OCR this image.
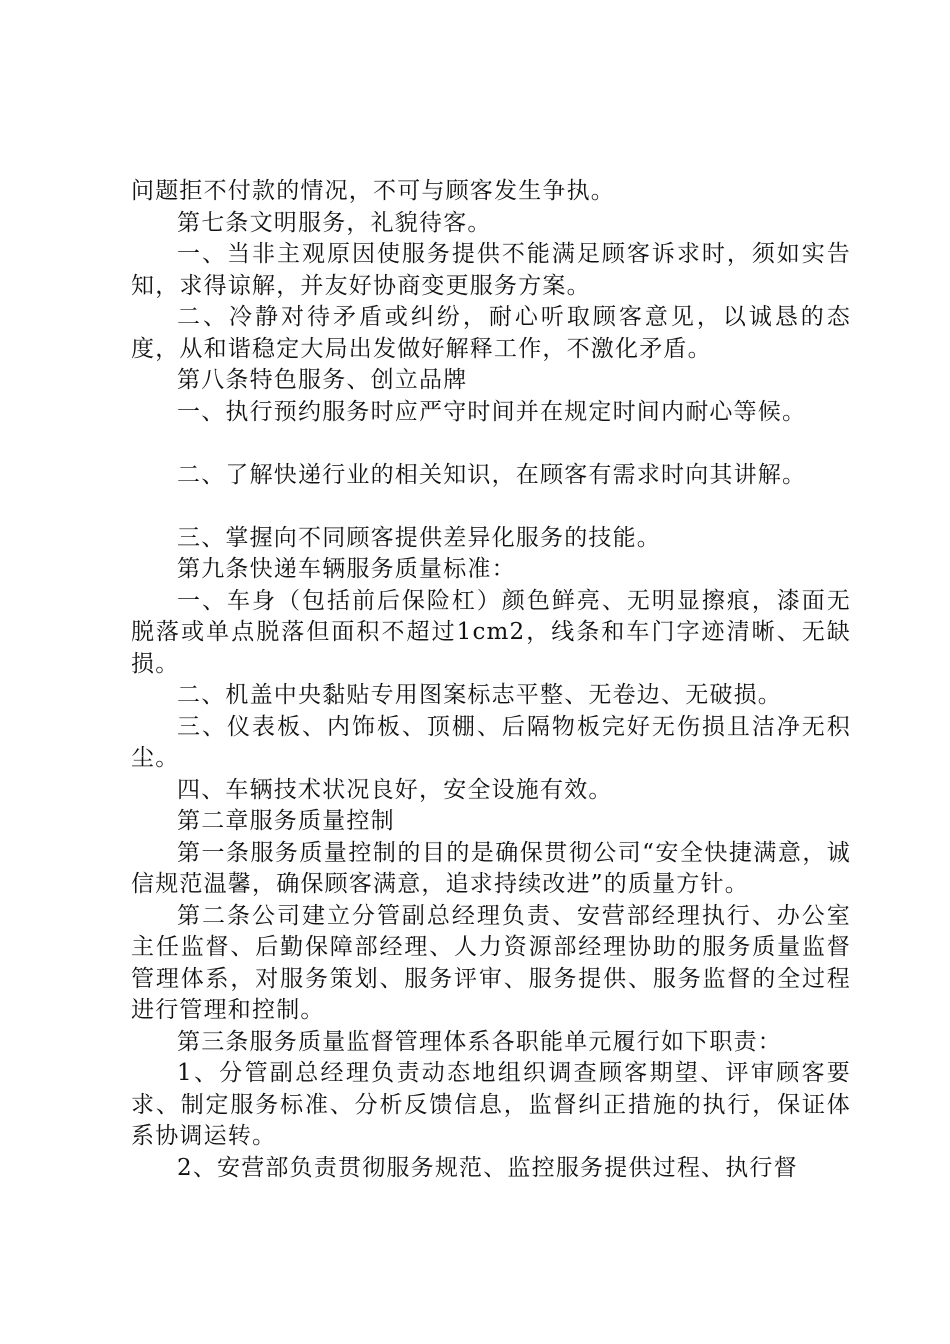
问题拒不付款的情况，不可与顾客发生争执。

第七条文明服务，礼貌待客。

一、当非主观原因使服务提供不能满足顾客诉求时，须如实告知，求得谅解，并友好协商变更服务方案。

二、冷静对待矛盾或纠纷，耐心听取顾客意见，以诚恳的态度，从和谐稳定大局出发做好解释工作，不激化矛盾。

第八条特色服务、创立品牌

一、执行预约服务时应严守时间并在规定时间内耐心等候。

二、了解快递行业的相关知识，在顾客有需求时向其讲解。

三、掌握向不同顾客提供差异化服务的技能。

第九条快递车辆服务质量标准：

一、车身（包括前后保险杠）颜色鲜亮、无明显擦痕，漆面无脱落或单点脱落但面积不超过1cm2，线条和车门字迹清晰、无缺损。

二、机盖中央黏贴专用图案标志平整、无卷边、无破损。

三、仪表板、内饰板、顶棚、后隔物板完好无伤损且洁净无积尘。

四、车辆技术状况良好，安全设施有效。

第二章服务质量控制

第一条服务质量控制的目的是确保贯彻公司“安全快捷满意，诚信规范温馨，确保顾客满意，追求持续改进”的质量方针。

第二条公司建立分管副总经理负责、安营部经理执行、办公室主任监督、后勤保障部经理、人力资源部经理协助的服务质量监督管理体系，对服务策划、服务评审、服务提供、服务监督的全过程进行管理和控制。

第三条服务质量监督管理体系各职能单元履行如下职责：

1、分管副总经理负责动态地组织调查顾客期望、评审顾客要求、制定服务标准、分析反馈信息，监督纠正措施的执行，保证体系协调运转。

2、安营部负责贯彻服务规范、监控服务提供过程、执行督
